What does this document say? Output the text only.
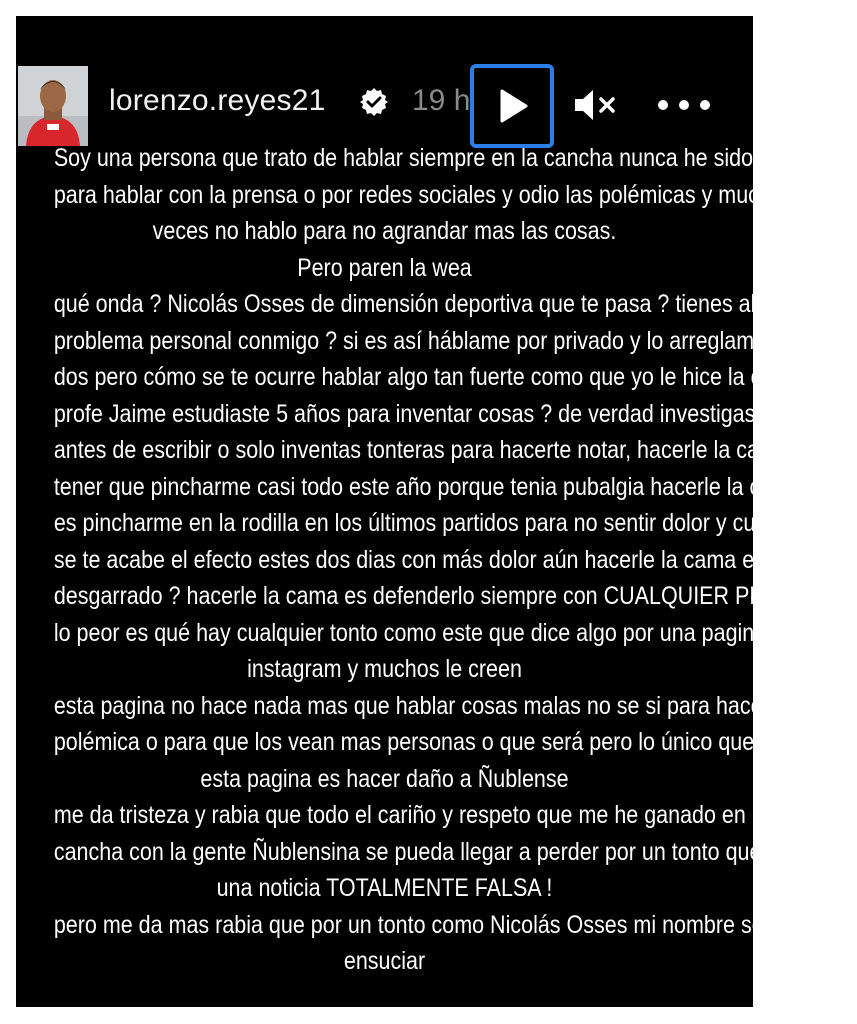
lorenzo.reyes21	19 h
Soy una persona que trato de hablar siempre en la cancha nunca he sido bueno
para hablar con la prensa o por redes sociales y odio las polémicas y muchas
veces no hablo para no agrandar mas las cosas.
Pero paren la wea
qué onda ? Nicolás Osses de dimensión deportiva que te pasa ? tienes algún
problema personal conmigo ? si es así háblame por privado y lo arreglamos los
dos pero cómo se te ocurre hablar algo tan fuerte como que yo le hice la cama al
profe Jaime estudiaste 5 años para inventar cosas ? de verdad investigas algo
antes de escribir o solo inventas tonteras para hacerte notar, hacerle la cama es
tener que pincharme casi todo este año porque tenia pubalgia hacerle la cama
es pincharme en la rodilla en los últimos partidos para no sentir dolor y cuando
se te acabe el efecto estes dos dias con más dolor aún hacerle la cama es jugar
desgarrado ? hacerle la cama es defenderlo siempre con CUALQUIER PERSONA ?
lo peor es qué hay cualquier tonto como este que dice algo por una pagina de
instagram y muchos le creen
esta pagina no hace nada mas que hablar cosas malas no se si para hacer
polémica o para que los vean mas personas o que será pero lo único que hace
esta pagina es hacer daño a Ñublense
me da tristeza y rabia que todo el cariño y respeto que me he ganado en la
cancha con la gente Ñublensina se pueda llegar a perder por un tonto que saca
una noticia TOTALMENTE FALSA !
pero me da mas rabia que por un tonto como Nicolás Osses mi nombre se pueda
ensuciar
